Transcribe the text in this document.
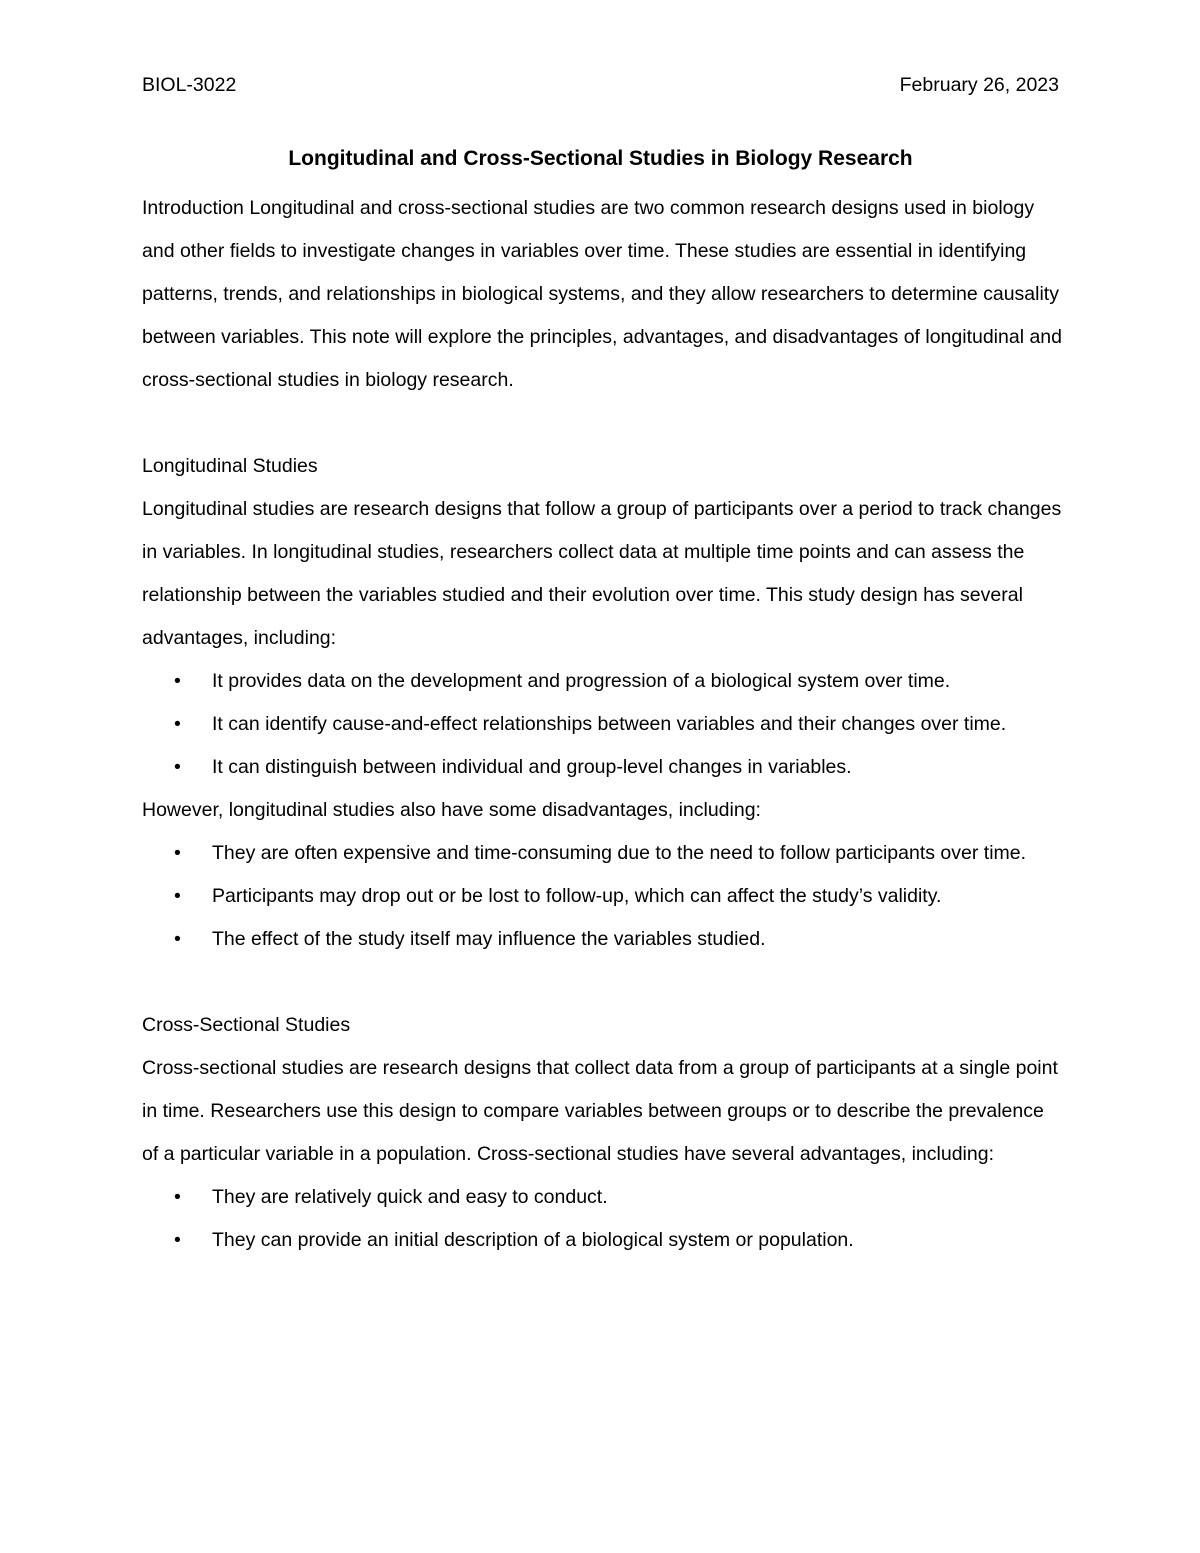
BIOL-3022	February 26, 2023
Longitudinal and Cross-Sectional Studies in Biology Research

Introduction Longitudinal and cross-sectional studies are two common research designs used in biology and other fields to investigate changes in variables over time. These studies are essential in identifying patterns, trends, and relationships in biological systems, and they allow researchers to determine causality between variables. This note will explore the principles, advantages, and disadvantages of longitudinal and cross-sectional studies in biology research.

Longitudinal Studies

Longitudinal studies are research designs that follow a group of participants over a period to track changes in variables. In longitudinal studies, researchers collect data at multiple time points and can assess the relationship between the variables studied and their evolution over time. This study design has several advantages, including:

• It provides data on the development and progression of a biological system over time.
• It can identify cause-and-effect relationships between variables and their changes over time.
• It can distinguish between individual and group-level changes in variables.

However, longitudinal studies also have some disadvantages, including:

• They are often expensive and time-consuming due to the need to follow participants over time.
• Participants may drop out or be lost to follow-up, which can affect the study’s validity.
• The effect of the study itself may influence the variables studied.

Cross-Sectional Studies

Cross-sectional studies are research designs that collect data from a group of participants at a single point in time. Researchers use this design to compare variables between groups or to describe the prevalence of a particular variable in a population. Cross-sectional studies have several advantages, including:

• They are relatively quick and easy to conduct.
• They can provide an initial description of a biological system or population.
